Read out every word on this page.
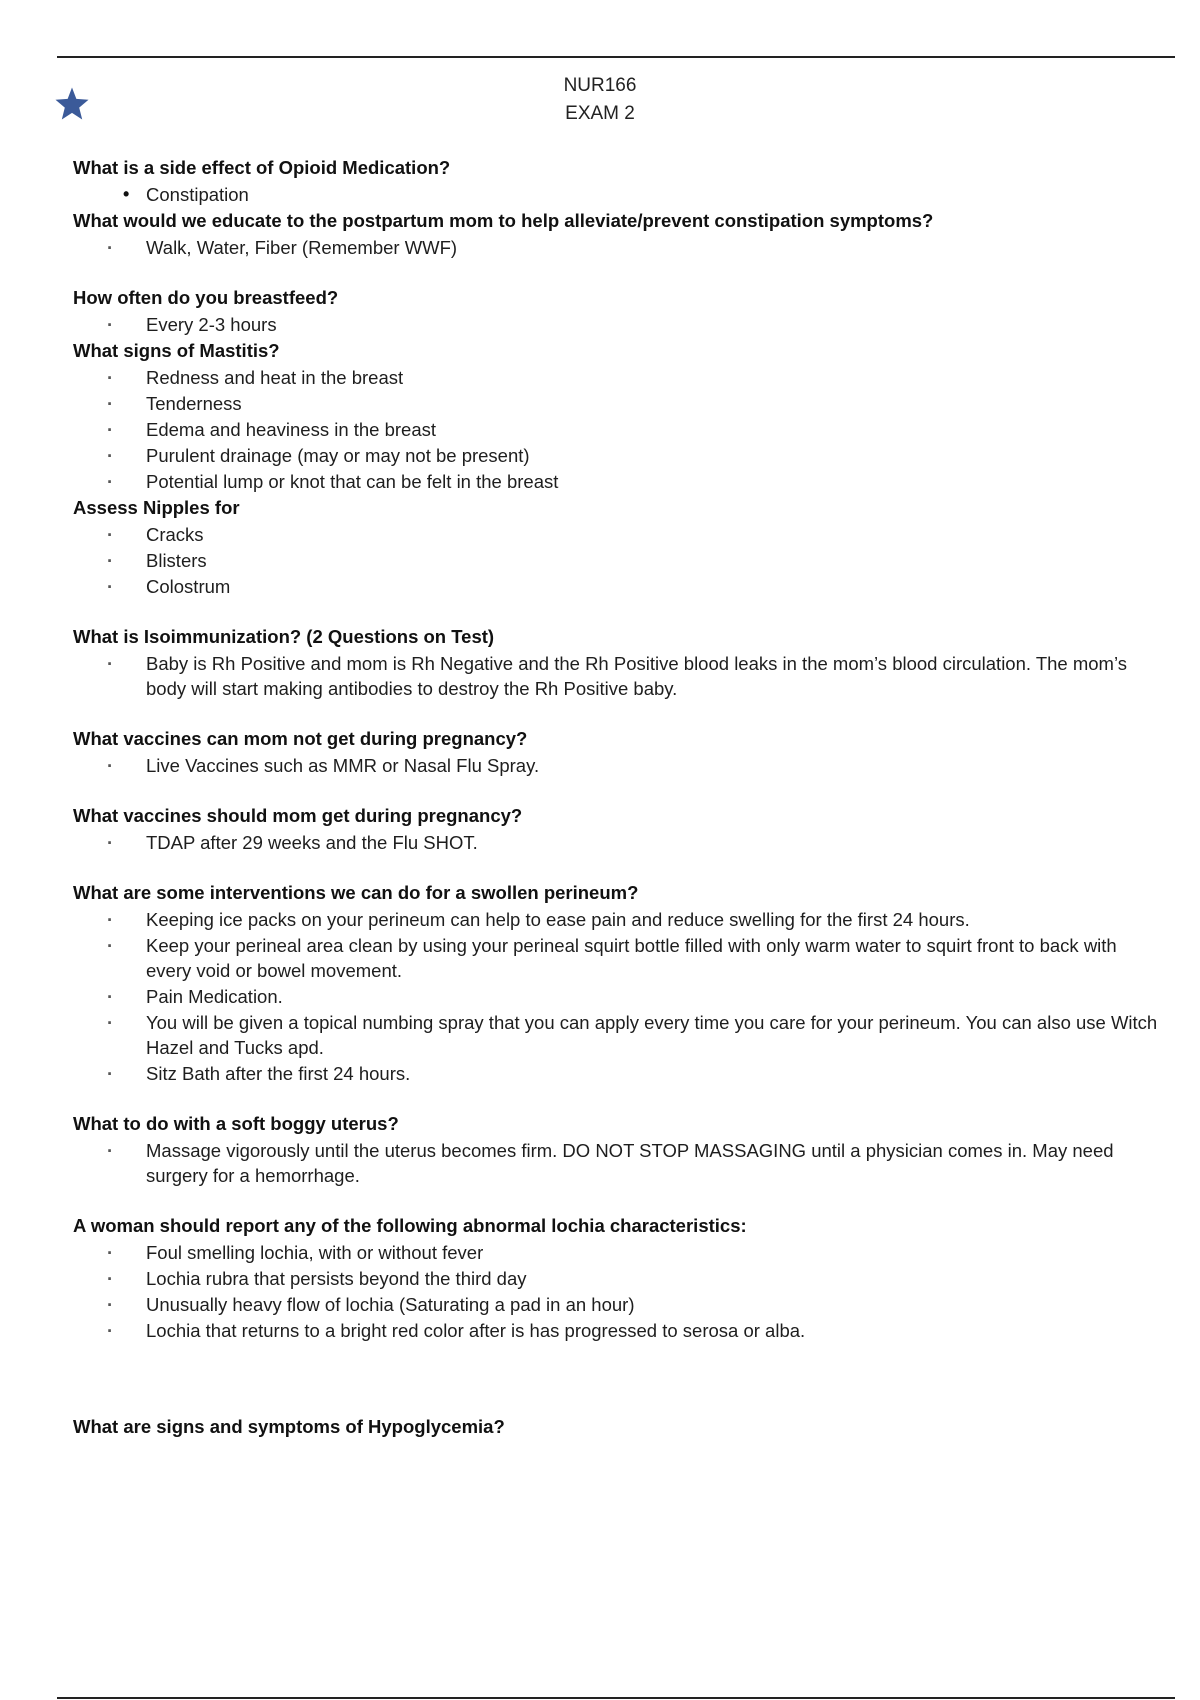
NUR166
EXAM 2
What is a side effect of Opioid Medication?
• Constipation
What would we educate to the postpartum mom to help alleviate/prevent constipation symptoms?
· Walk, Water, Fiber (Remember WWF)
How often do you breastfeed?
· Every 2-3 hours
What signs of Mastitis?
· Redness and heat in the breast
· Tenderness
· Edema and heaviness in the breast
· Purulent drainage (may or may not be present)
· Potential lump or knot that can be felt in the breast
Assess Nipples for
· Cracks
· Blisters
· Colostrum
What is Isoimmunization? (2 Questions on Test)
· Baby is Rh Positive and mom is Rh Negative and the Rh Positive blood leaks in the mom’s blood circulation. The mom’s body will start making antibodies to destroy the Rh Positive baby.
What vaccines can mom not get during pregnancy?
· Live Vaccines such as MMR or Nasal Flu Spray.
What vaccines should mom get during pregnancy?
· TDAP after 29 weeks and the Flu SHOT.
What are some interventions we can do for a swollen perineum?
· Keeping ice packs on your perineum can help to ease pain and reduce swelling for the first 24 hours.
· Keep your perineal area clean by using your perineal squirt bottle filled with only warm water to squirt front to back with every void or bowel movement.
· Pain Medication.
· You will be given a topical numbing spray that you can apply every time you care for your perineum. You can also use Witch Hazel and Tucks apd.
· Sitz Bath after the first 24 hours.
What to do with a soft boggy uterus?
· Massage vigorously until the uterus becomes firm. DO NOT STOP MASSAGING until a physician comes in. May need surgery for a hemorrhage.
A woman should report any of the following abnormal lochia characteristics:
· Foul smelling lochia, with or without fever
· Lochia rubra that persists beyond the third day
· Unusually heavy flow of lochia (Saturating a pad in an hour)
· Lochia that returns to a bright red color after is has progressed to serosa or alba.
What are signs and symptoms of Hypoglycemia?
